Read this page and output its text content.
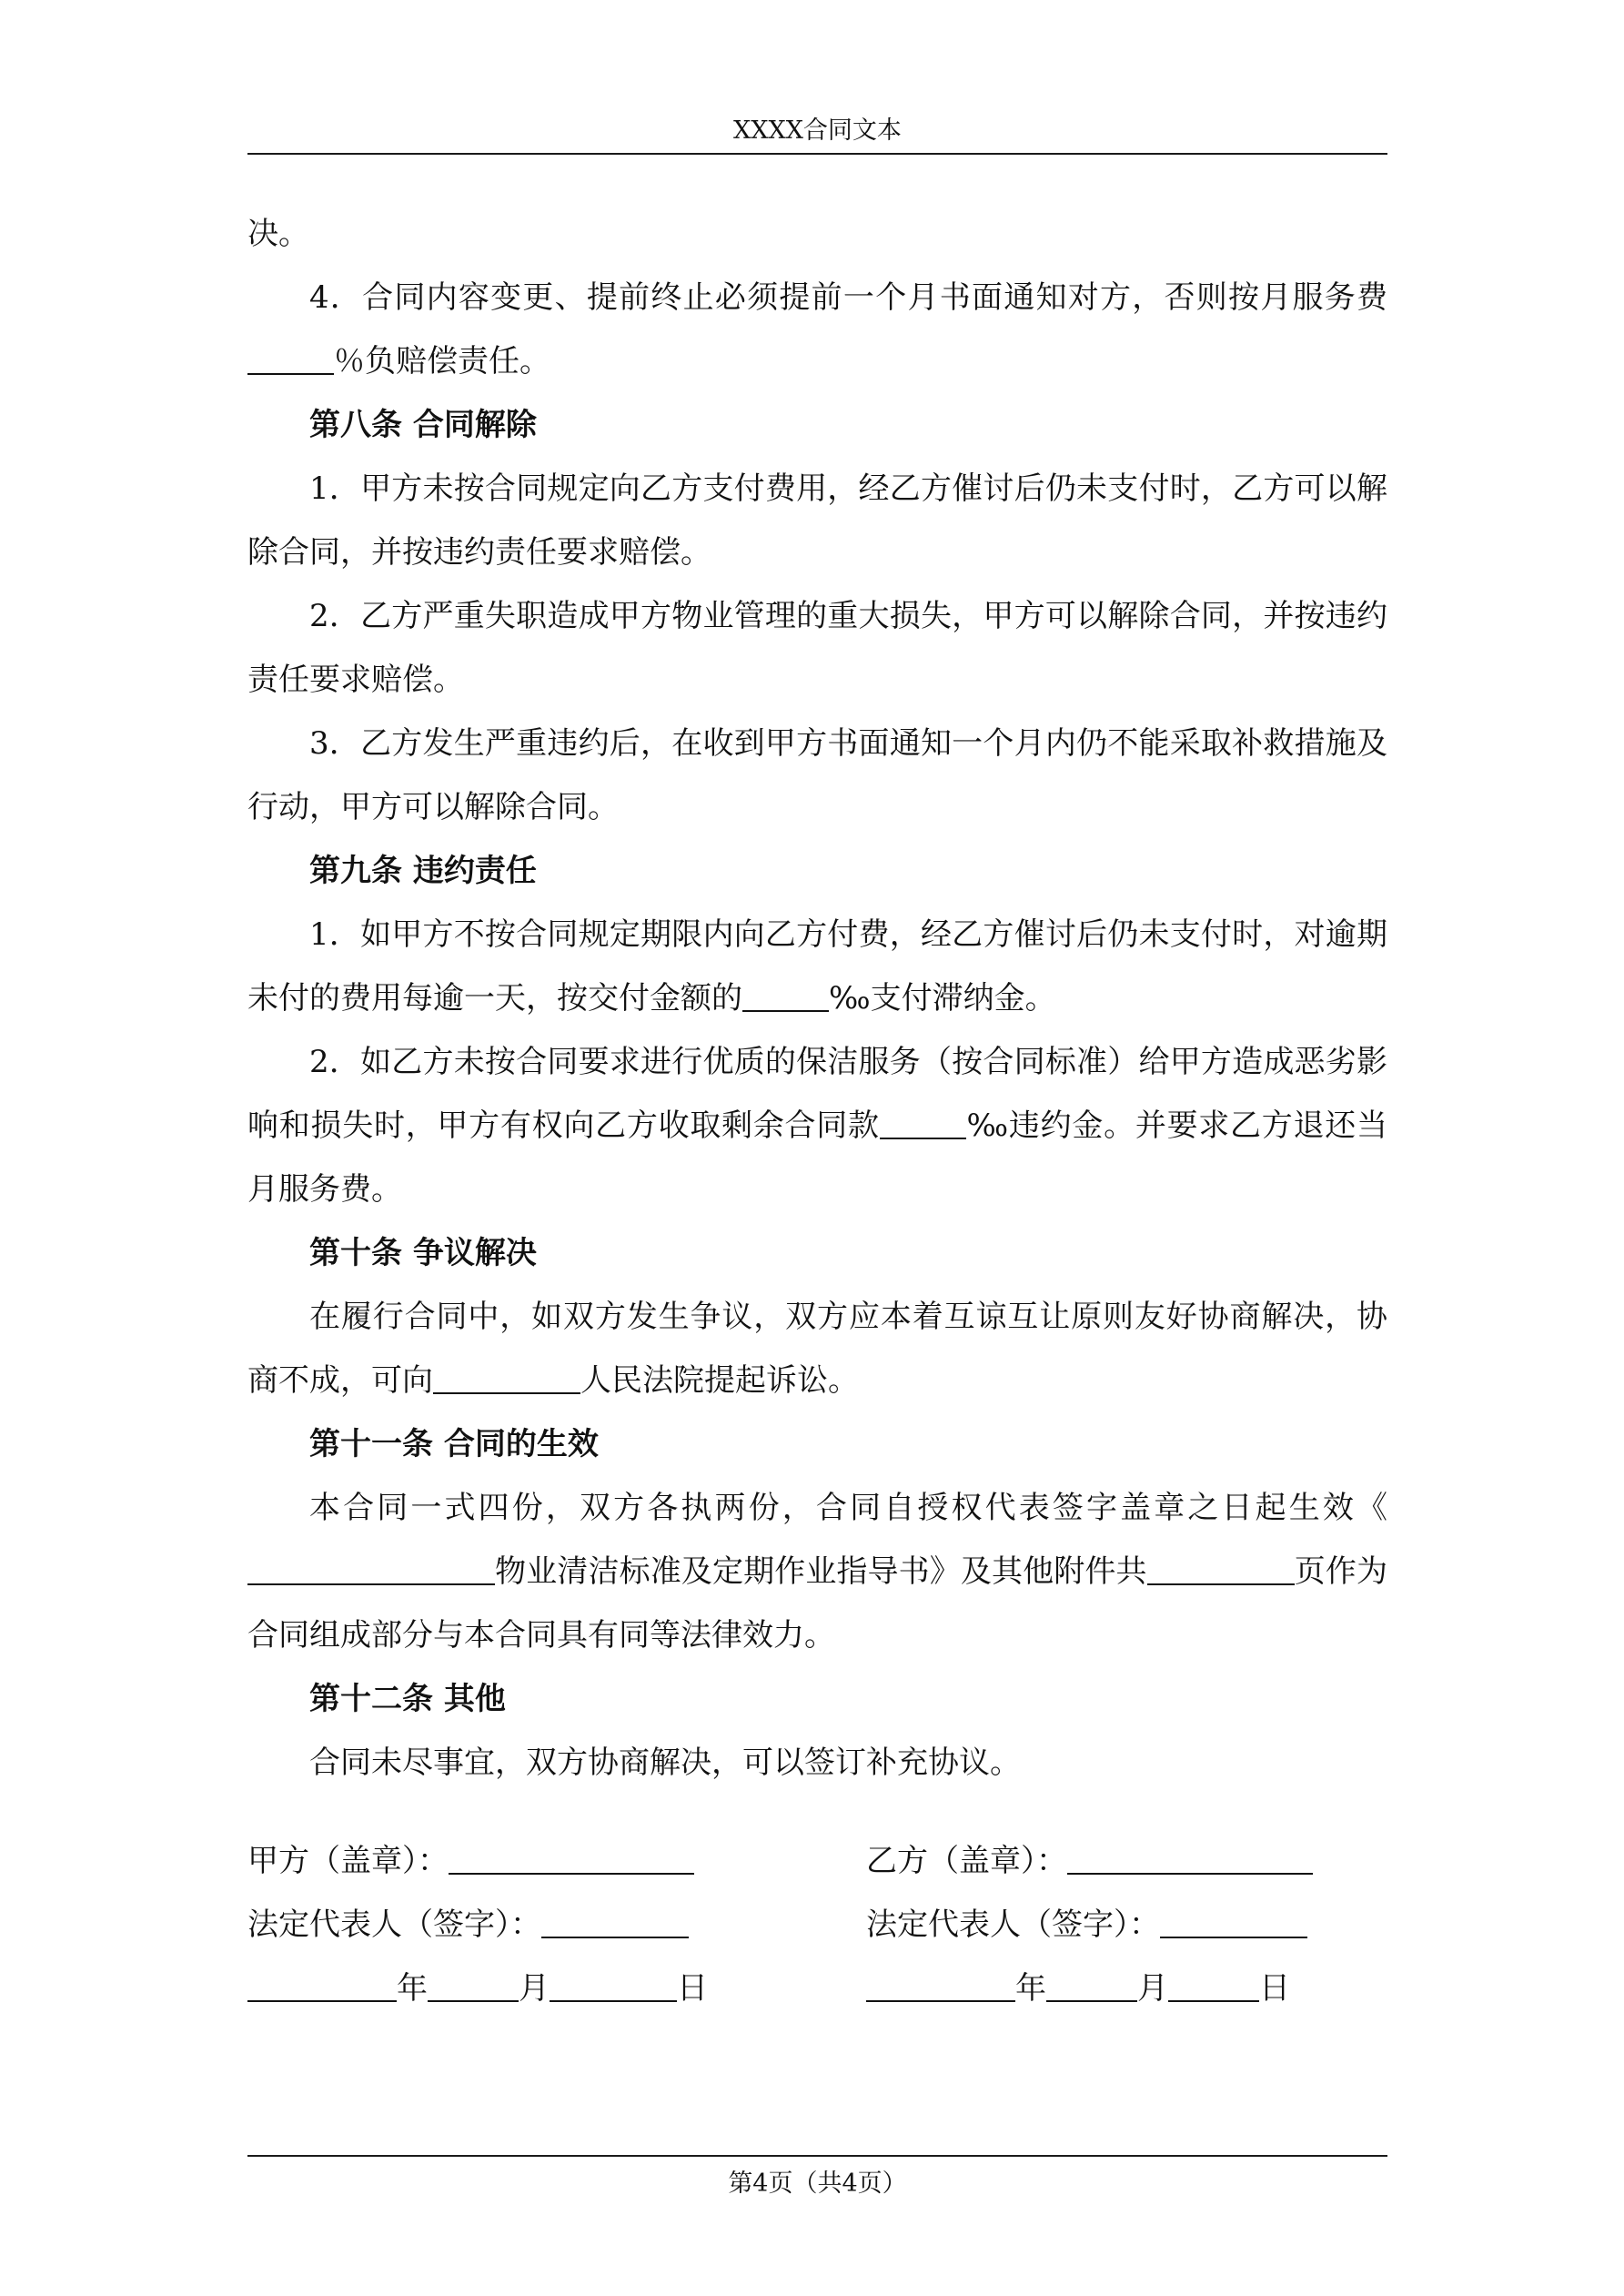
XXXX合同文本

决。

4．合同内容变更、提前终止必须提前一个月书面通知对方，否则按月服务费％负赔偿责任。

第八条 合同解除

1．甲方未按合同规定向乙方支付费用，经乙方催讨后仍未支付时，乙方可以解除合同，并按违约责任要求赔偿。

2．乙方严重失职造成甲方物业管理的重大损失，甲方可以解除合同，并按违约责任要求赔偿。

3．乙方发生严重违约后，在收到甲方书面通知一个月内仍不能采取补救措施及行动，甲方可以解除合同。

第九条 违约责任

1．如甲方不按合同规定期限内向乙方付费，经乙方催讨后仍未支付时，对逾期未付的费用每逾一天，按交付金额的	‰支付滞纳金。

2．如乙方未按合同要求进行优质的保洁服务（按合同标准）给甲方造成恶劣影响和损失时，甲方有权向乙方收取剩余合同款	‰违约金。并要求乙方退还当月服务费。

第十条 争议解决

在履行合同中，如双方发生争议，双方应本着互谅互让原则友好协商解决，协商不成，可向	人民法院提起诉讼。

第十一条 合同的生效

本合同一式四份，双方各执两份，合同自授权代表签字盖章之日起生效《物业清洁标准及定期作业指导书》及其他附件共	页作为合同组成部分与本合同具有同等法律效力。

第十二条 其他

合同未尽事宜，双方协商解决，可以签订补充协议。

甲方（盖章）：
法定代表人（签字）：
年	月	日
乙方（盖章）：
法定代表人（签字）：
年	月	日
第4页（共4页）
